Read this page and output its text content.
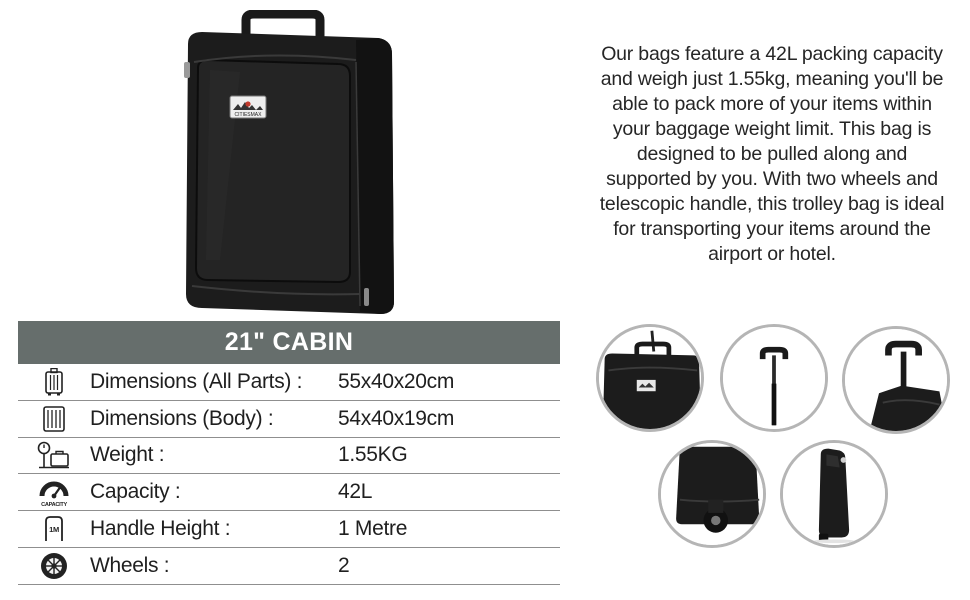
CITIESMAX

Our bags feature a 42L packing capacity and weigh just 1.55kg, meaning you'll be able to pack more of your items within your baggage weight limit. This bag is designed to be pulled along and supported by you. With two wheels and telescopic handle, this trolley bag is ideal for transporting your items around the airport or hotel.

21" CABIN
Dimensions (All Parts) :	55x40x20cm
Dimensions (Body) :	54x40x19cm
Weight :	1.55KG
CAPACITY
Capacity :	42L
1M Handle Height :	1 Metre
Wheels :	2
